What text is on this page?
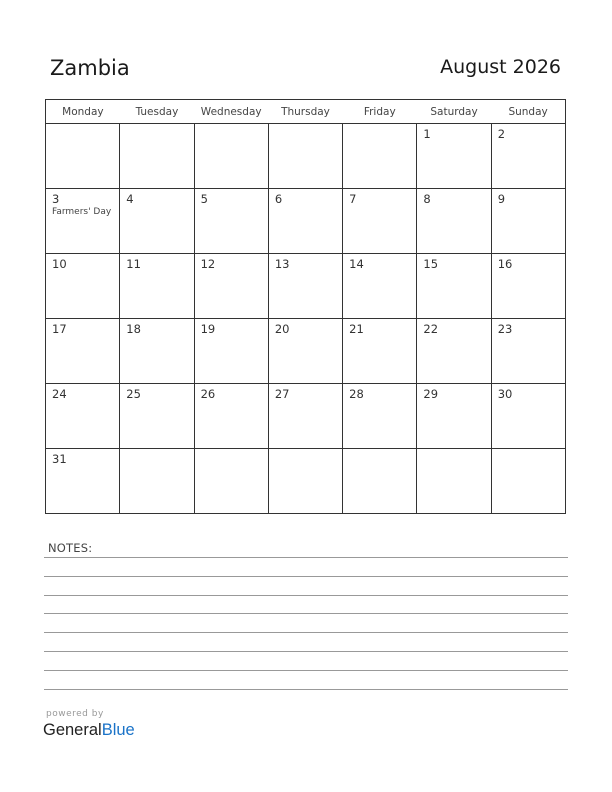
Zambia	August 2026
Monday	Tuesday	Wednesday	Thursday	Friday	Saturday	Sunday

					1	2

3
Farmers' Day	4	5	6	7	8	9

10	11	12	13	14	15	16

17	18	19	20	21	22	23

24	25	26	27	28	29	30

31						

NOTES:
powered by
GeneralBlue
